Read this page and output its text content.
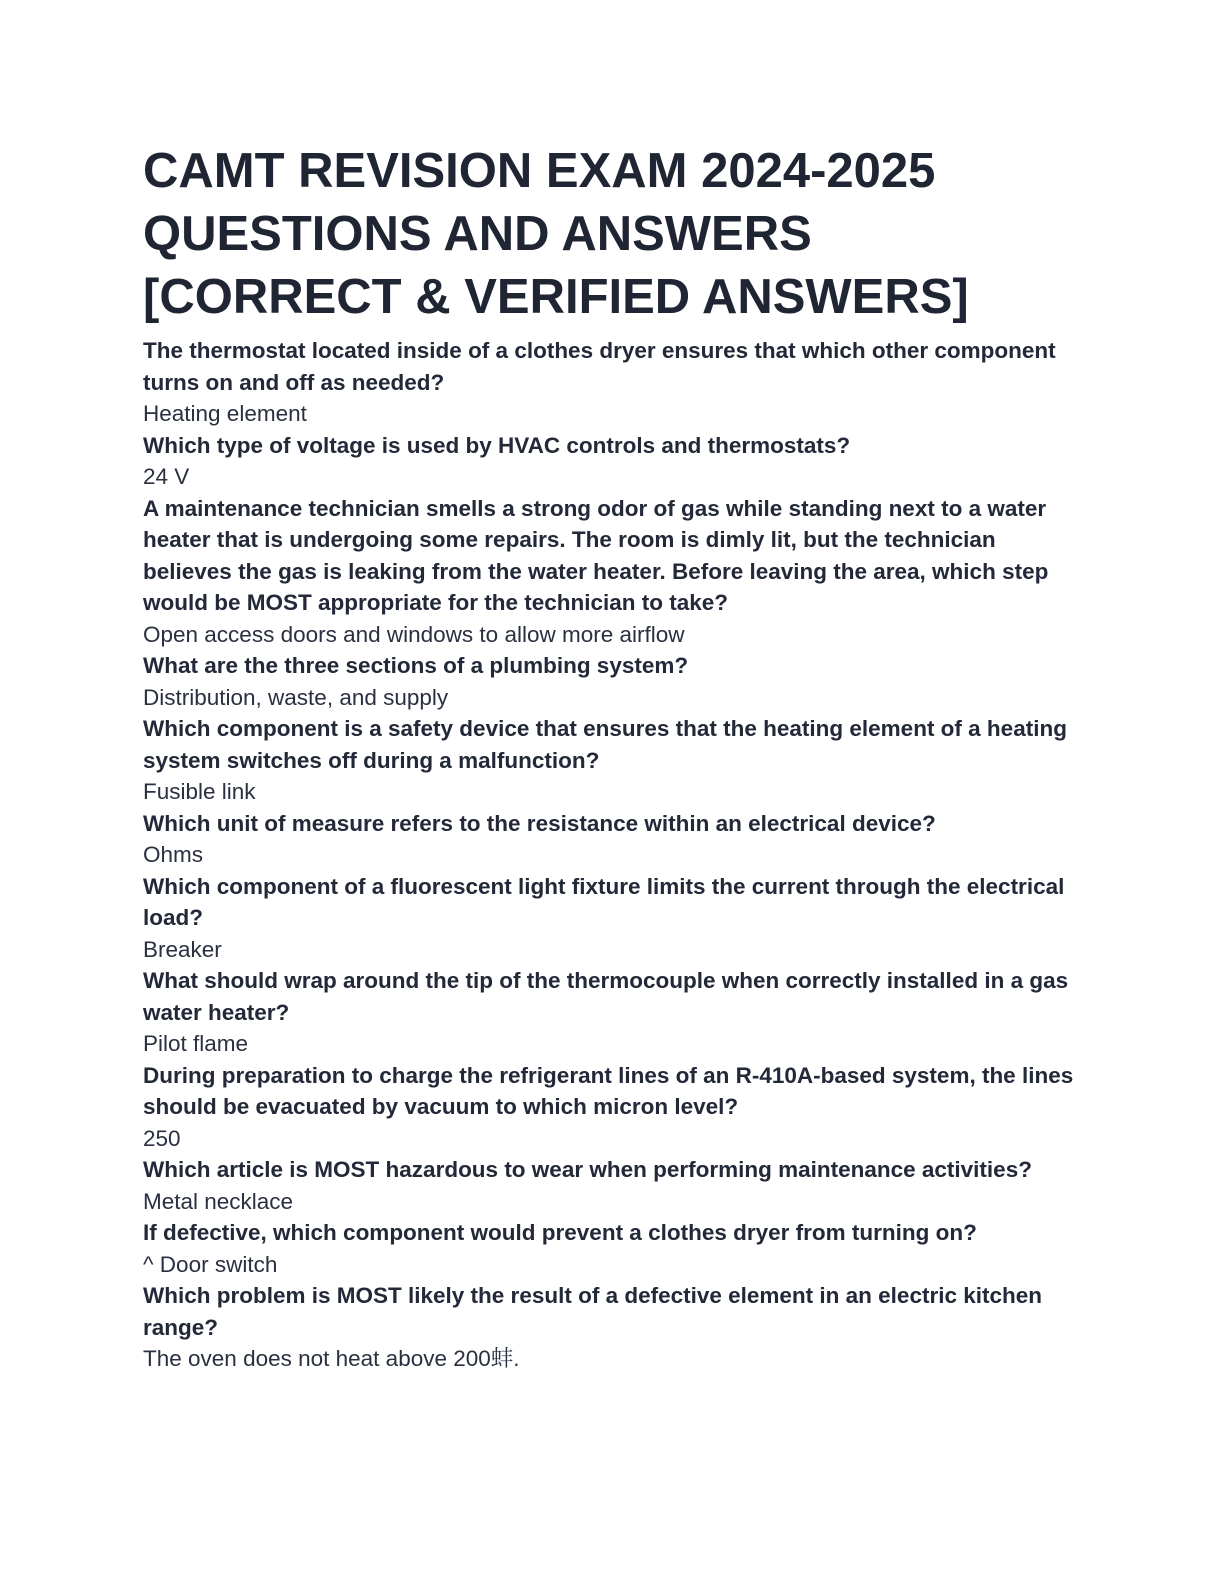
CAMT REVISION EXAM 2024-2025 QUESTIONS AND ANSWERS [CORRECT & VERIFIED ANSWERS]

The thermostat located inside of a clothes dryer ensures that which other component turns on and off as needed?

Heating element

Which type of voltage is used by HVAC controls and thermostats?

24 V

A maintenance technician smells a strong odor of gas while standing next to a water heater that is undergoing some repairs. The room is dimly lit, but the technician believes the gas is leaking from the water heater. Before leaving the area, which step would be MOST appropriate for the technician to take?

Open access doors and windows to allow more airflow

What are the three sections of a plumbing system?

Distribution, waste, and supply

Which component is a safety device that ensures that the heating element of a heating system switches off during a malfunction?

Fusible link

Which unit of measure refers to the resistance within an electrical device?

Ohms

Which component of a fluorescent light fixture limits the current through the electrical load?

Breaker

What should wrap around the tip of the thermocouple when correctly installed in a gas water heater?

Pilot flame

During preparation to charge the refrigerant lines of an R-410A-based system, the lines should be evacuated by vacuum to which micron level?

250

Which article is MOST hazardous to wear when performing maintenance activities?

Metal necklace

If defective, which component would prevent a clothes dryer from turning on?

^ Door switch

Which problem is MOST likely the result of a defective element in an electric kitchen range?

The oven does not heat above 200蚌.
